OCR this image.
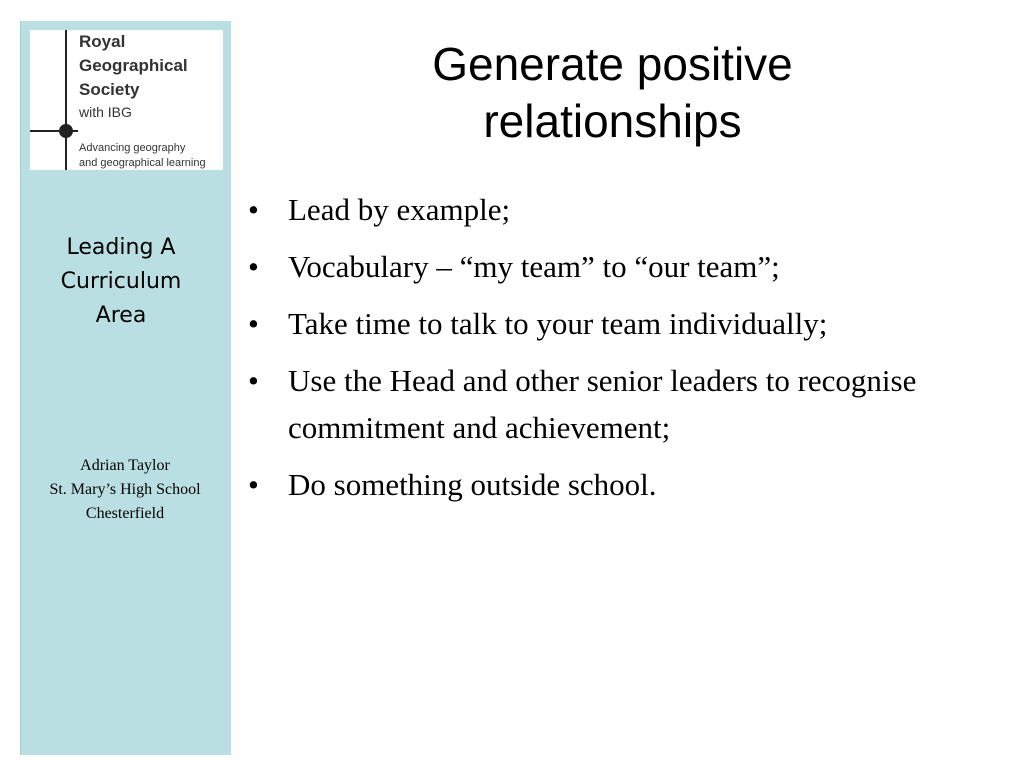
Royal
Geographical
Society
with IBG
Advancing geography
and geographical learning
Leading A
Curriculum
Area
Adrian Taylor
St. Mary’s High School
Chesterfield
Generate positive
relationships
• Lead by example;
• Vocabulary – “my team” to “our team”;
• Take time to talk to your team individually;
• Use the Head and other senior leaders to recognise commitment and achievement;
• Do something outside school.
